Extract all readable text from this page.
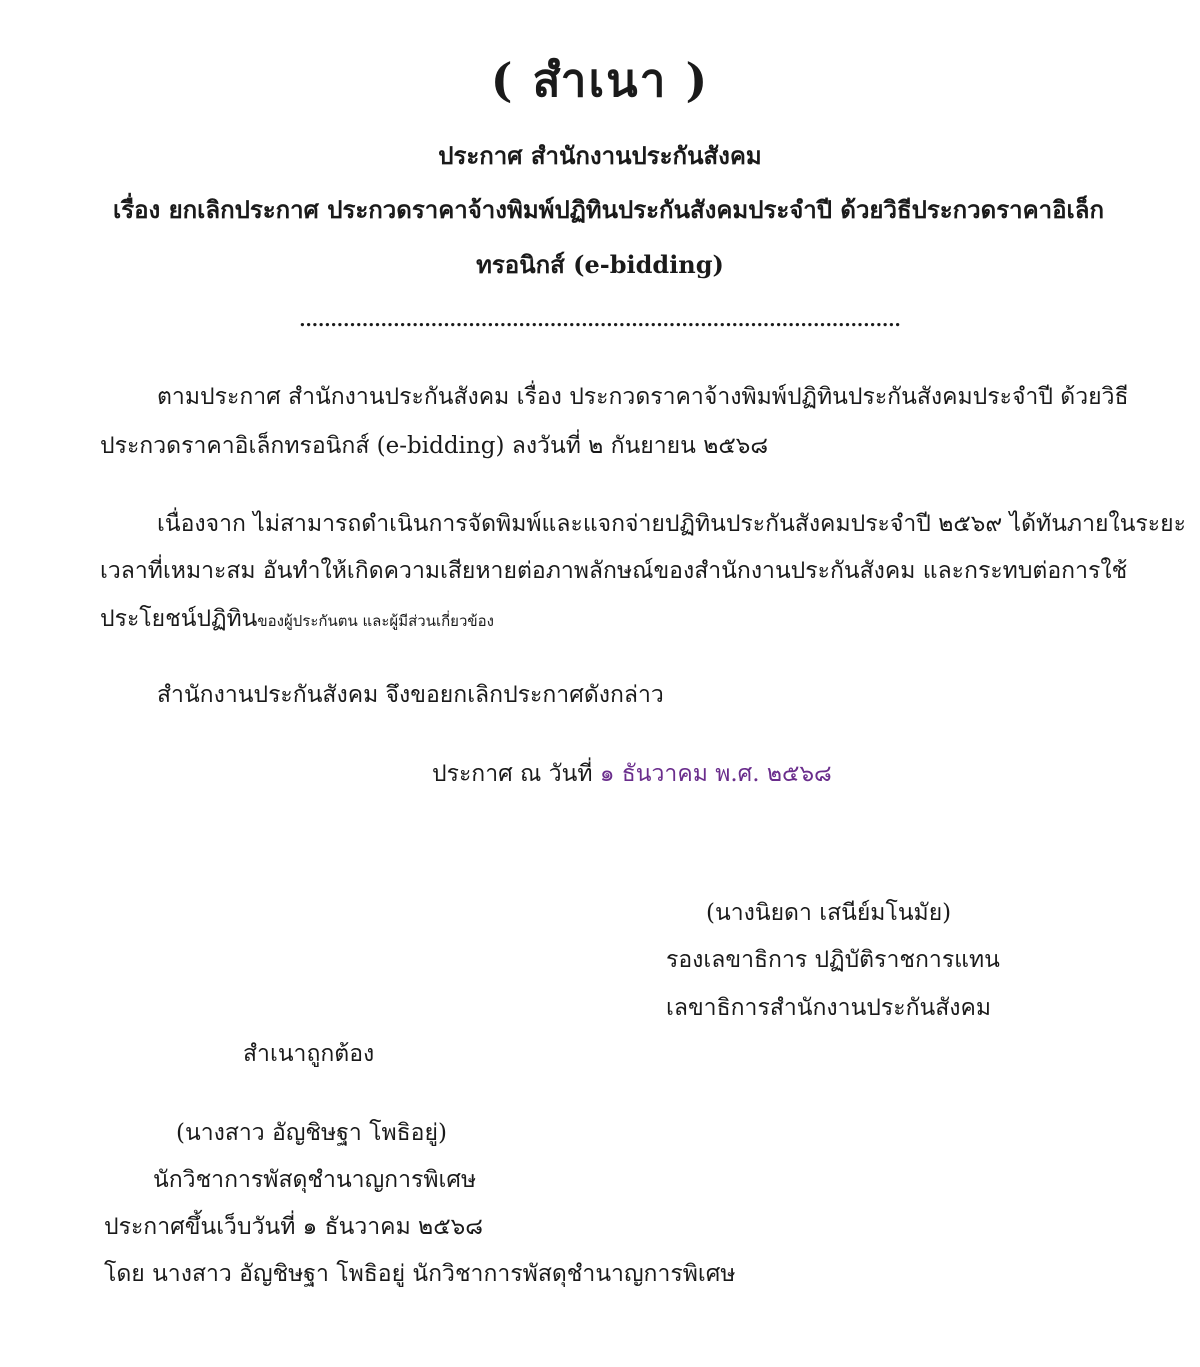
( สำเนา )
ประกาศ สำนักงานประกันสังคม
เรื่อง ยกเลิกประกาศ ประกวดราคาจ้างพิมพ์ปฏิทินประกันสังคมประจำปี ด้วยวิธีประกวดราคาอิเล็ก
ทรอนิกส์ (e-bidding)
................................................................................................
ตามประกาศ สำนักงานประกันสังคม เรื่อง ประกวดราคาจ้างพิมพ์ปฏิทินประกันสังคมประจำปี ด้วยวิธี
ประกวดราคาอิเล็กทรอนิกส์ (e-bidding) ลงวันที่ ๒ กันยายน ๒๕๖๘
เนื่องจาก ไม่สามารถดำเนินการจัดพิมพ์และแจกจ่ายปฏิทินประกันสังคมประจำปี ๒๕๖๙ ได้ทันภายในระยะ
เวลาที่เหมาะสม อันทำให้เกิดความเสียหายต่อภาพลักษณ์ของสำนักงานประกันสังคม และกระทบต่อการใช้
ประโยชน์ปฏิทินของผู้ประกันตน และผู้มีส่วนเกี่ยวข้อง
สำนักงานประกันสังคม จึงขอยกเลิกประกาศดังกล่าว
ประกาศ ณ วันที่ ๑ ธันวาคม พ.ศ. ๒๕๖๘
(นางนิยดา เสนีย์มโนมัย)
รองเลขาธิการ ปฏิบัติราชการแทน
เลขาธิการสำนักงานประกันสังคม
สำเนาถูกต้อง
(นางสาว อัญชิษฐา โพธิอยู่)
นักวิชาการพัสดุชำนาญการพิเศษ
ประกาศขึ้นเว็บวันที่ ๑ ธันวาคม ๒๕๖๘
โดย นางสาว อัญชิษฐา โพธิอยู่ นักวิชาการพัสดุชำนาญการพิเศษ
